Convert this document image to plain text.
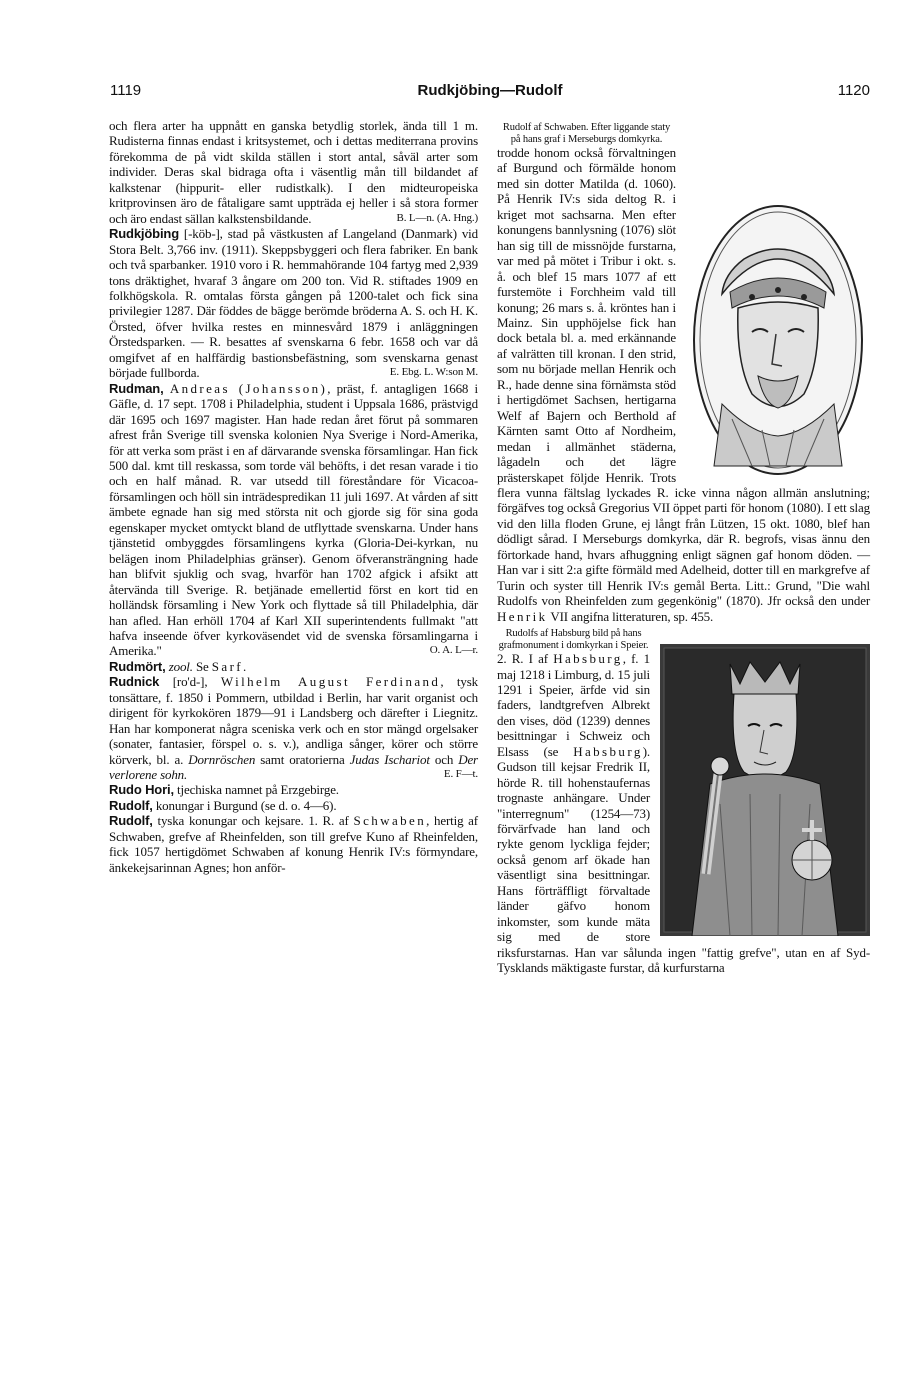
1119	Rudkjöbing—Rudolf	1120

och flera arter ha uppnått en ganska betydlig storlek, ända till 1 m. Rudisterna finnas endast i kritsystemet, och i dettas mediterrana provins förekomma de på vidt skilda ställen i stort antal, såväl arter som individer. Deras skal bidraga ofta i väsentlig mån till bildandet af kalkstenar (hippurit- eller rudistkalk). I den midteuropeiska kritprovinsen äro de fåtaligare samt uppträda ej heller i så stora former och äro endast sällan kalkstensbildande.	B. L—n. (A. Hng.)

Rudkjöbing [-köb-], stad på västkusten af Langeland (Danmark) vid Stora Belt. 3,766 inv. (1911). Skeppsbyggeri och flera fabriker. En bank och två sparbanker. 1910 voro i R. hemmahörande 104 fartyg med 2,939 tons dräktighet, hvaraf 3 ångare om 200 ton. Vid R. stiftades 1909 en folkhögskola. R. omtalas första gången på 1200-talet och fick sina privilegier 1287. Där föddes de bägge berömde bröderna A. S. och H. K. Örsted, öfver hvilka restes en minnesvård 1879 i anläggningen Örstedsparken. — R. besattes af svenskarna 6 febr. 1658 och var då omgifvet af en halffärdig bastionsbefästning, som svenskarna genast började fullborda.	E. Ebg. L. W:son M.

Rudman, Andreas (Johansson), präst, f. antagligen 1668 i Gäfle, d. 17 sept. 1708 i Philadelphia, student i Uppsala 1686, prästvigd där 1695 och 1697 magister. Han hade redan året förut på sommaren afrest från Sverige till svenska kolonien Nya Sverige i Nord-Amerika, för att verka som präst i en af därvarande svenska församlingar. Han fick 500 dal. kmt till reskassa, som torde väl behöfts, i det resan varade i tio och en half månad. R. var utsedd till föreståndare för Vicacoa-församlingen och höll sin inträdespredikan 11 juli 1697. At vården af sitt ämbete egnade han sig med största nit och gjorde sig för sina goda egenskaper mycket omtyckt bland de utflyttade svenskarna. Under hans tjänstetid ombyggdes församlingens kyrka (Gloria-Dei-kyrkan, nu belägen inom Philadelphias gränser). Genom öfveransträngning hade han blifvit sjuklig och svag, hvarför han 1702 afgick i afsikt att återvända till Sverige. R. betjänade emellertid först en kort tid en holländsk församling i New York och flyttade så till Philadelphia, där han afled. Han erhöll 1704 af Karl XII superintendents fullmakt "att hafva inseende öfver kyrkoväsendet vid de svenska församlingarna i Amerika."	O. A. L—r.

Rudmört, zool. Se Sarf.

Rudnick [ro'd-], Wilhelm August Ferdinand, tysk tonsättare, f. 1850 i Pommern, utbildad i Berlin, har varit organist och dirigent för kyrkokören 1879—91 i Landsberg och därefter i Liegnitz. Han har komponerat några sceniska verk och en stor mängd orgelsaker (sonater, fantasier, förspel o. s. v.), andliga sånger, körer och större körverk, bl. a. Dornröschen samt oratorierna Judas Ischariot och Der verlorene sohn.	E. F—t.

Rudo Hori, tjechiska namnet på Erzgebirge.

Rudolf, konungar i Burgund (se d. o. 4—6).

Rudolf, tyska konungar och kejsare. 1. R. af Schwaben, hertig af Schwaben, grefve af Rheinfelden, son till grefve Kuno af Rheinfelden, fick 1057 hertigdömet Schwaben af konung Henrik IV:s förmyndare, änkekejsarinnan Agnes; hon anför-

Rudolf af Schwaben. Efter liggande staty på hans graf i Merseburgs domkyrka.
trodde honom också förvaltningen af Burgund och förmälde honom med sin dotter Matilda (d. 1060). På Henrik IV:s sida deltog R. i kriget mot sachsarna. Men efter konungens bannlysning (1076) slöt han sig till de missnöjde furstarna, var med på mötet i Tribur i okt. s. å. och blef 15 mars 1077 af ett furstemöte i Forchheim vald till konung; 26 mars s. å. kröntes han i Mainz. Sin upphöjelse fick han dock betala bl. a. med erkännande af valrätten till kronan. I den strid, som nu började mellan Henrik och R., hade denne sina förnämsta stöd i hertigdömet Sachsen, hertigarna Welf af Bajern och Berthold af Kärnten samt Otto af Nordheim, medan i allmänhet städerna, lågadeln och det lägre prästerskapet följde Henrik. Trots flera vunna fältslag lyckades R. icke vinna någon allmän anslutning; förgäfves tog också Gregorius VII öppet parti för honom (1080). I ett slag vid den lilla floden Grune, ej långt från Lützen, 15 okt. 1080, blef han dödligt sårad. I Merseburgs domkyrka, där R. begrofs, visas ännu den förtorkade hand, hvars afhuggning enligt sägnen gaf honom döden. — Han var i sitt 2:a gifte förmäld med Adelheid, dotter till en markgrefve af Turin och syster till Henrik IV:s gemål Berta. Litt.: Grund, "Die wahl Rudolfs von Rheinfelden zum gegenkönig" (1870). Jfr också den under Henrik VII angifna litteraturen, sp. 455.

Rudolfs af Habsburg bild på hans grafmonument i domkyrkan i Speier.
2. R. I af Habsburg, f. 1 maj 1218 i Limburg, d. 15 juli 1291 i Speier, ärfde vid sin faders, landtgrefven Albrekt den vises, död (1239) dennes besittningar i Schweiz och Elsass (se Habsburg). Gudson till kejsar Fredrik II, hörde R. till hohenstaufernas trognaste anhängare. Under "interregnum" (1254—73) förvärfvade han land och rykte genom lyckliga fejder; också genom arf ökade han väsentligt sina besittningar. Hans förträffligt förvaltade länder gäfvo honom inkomster, som kunde mäta sig med de store riksfurstarnas. Han var sålunda ingen "fattig grefve", utan en af Syd-Tysklands mäktigaste furstar, då kurfurstarna
